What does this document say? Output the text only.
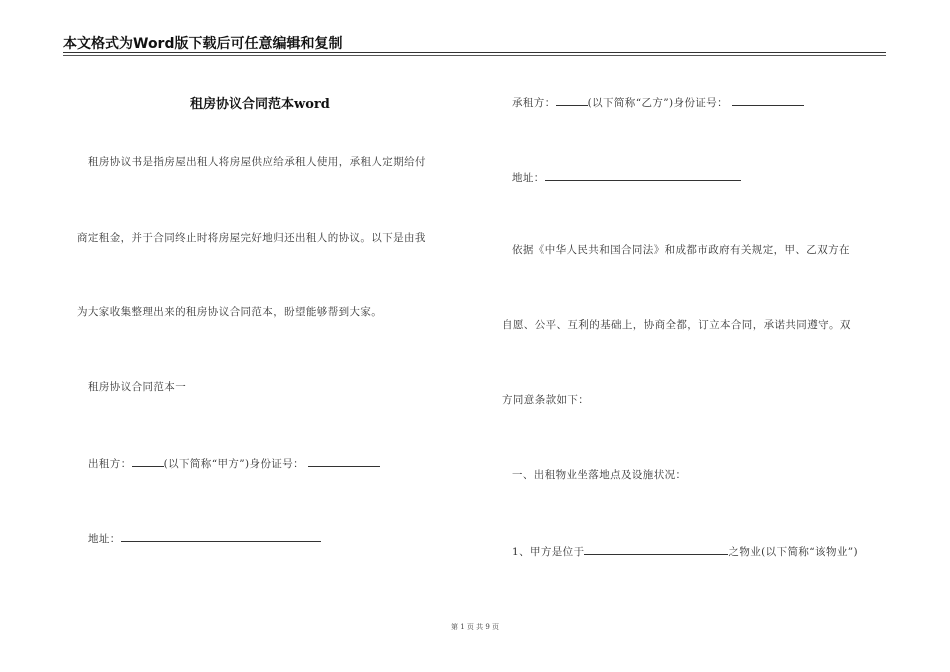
本文格式为Word版下载后可任意编辑和复制
租房协议合同范本word
租房协议书是指房屋出租人将房屋供应给承租人使用，承租人定期给付
商定租金，并于合同终止时将房屋完好地归还出租人的协议。以下是由我
为大家收集整理出来的租房协议合同范本，盼望能够帮到大家。
租房协议合同范本一
出租方：	(以下简称“甲方”)身份证号：
地址：
承租方：	(以下简称“乙方”)身份证号：
地址：
依据《中华人民共和国合同法》和成都市政府有关规定，甲、乙双方在
自愿、公平、互利的基础上，协商全都，订立本合同，承诺共同遵守。双
方同意条款如下：
一、出租物业坐落地点及设施状况：
1、甲方是位于	之物业(以下简称“该物业”)
第 1 页 共 9 页
